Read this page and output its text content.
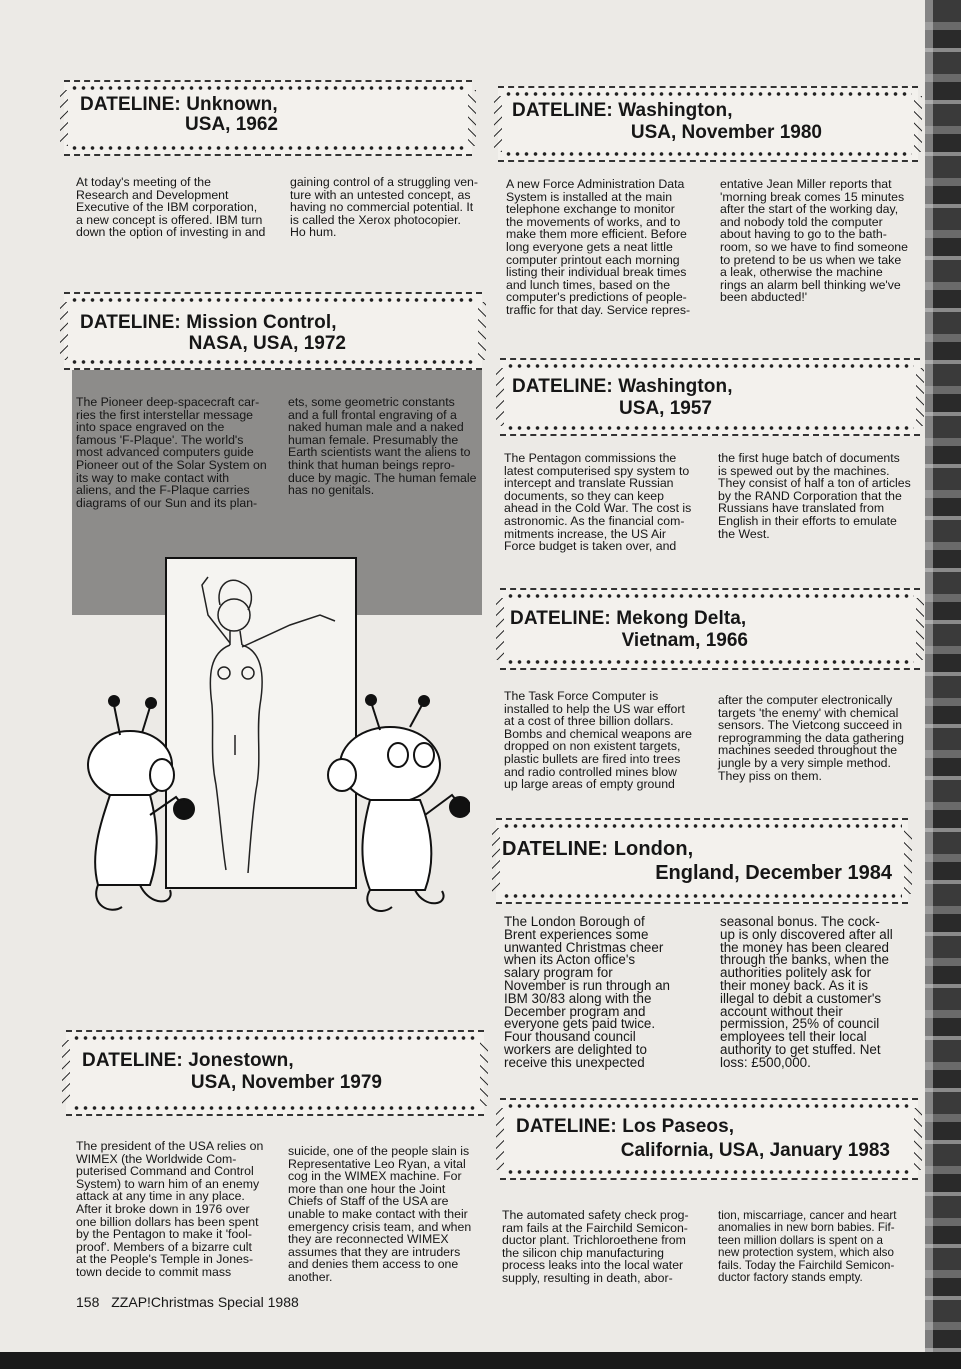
DATELINE: Unknown,
USA, 1962
At today's meeting of the
Research and Development
Executive of the IBM corporation,
a new concept is offered. IBM turn
down the option of investing in and
gaining control of a struggling ven-
ture with an untested concept, as
having no commercial potential. It
is called the Xerox photocopier.
Ho hum.
DATELINE: Washington,
USA, November 1980
A new Force Administration Data
System is installed at the main
telephone exchange to monitor
the movements of works, and to
make them more efficient. Before
long everyone gets a neat little
computer printout each morning
listing their individual break times
and lunch times, based on the
computer's predictions of people-
traffic for that day. Service repres-
entative Jean Miller reports that
'morning break comes 15 minutes
after the start of the working day,
and nobody told the computer
about having to go to the bath-
room, so we have to find someone
to pretend to be us when we take
a leak, otherwise the machine
rings an alarm bell thinking we've
been abducted!'
DATELINE: Mission Control,
NASA, USA, 1972
The Pioneer deep-spacecraft car-
ries the first interstellar message
into space engraved on the
famous 'F-Plaque'. The world's
most advanced computers guide
Pioneer out of the Solar System on
its way to make contact with
aliens, and the F-Plaque carries
diagrams of our Sun and its plan-
ets, some geometric constants
and a full frontal engraving of a
naked human male and a naked
human female. Presumably the
Earth scientists want the aliens to
think that human beings repro-
duce by magic. The human female
has no genitals.
DATELINE: Washington,
USA, 1957
The Pentagon commissions the
latest computerised spy system to
intercept and translate Russian
documents, so they can keep
ahead in the Cold War. The cost is
astronomic. As the financial com-
mitments increase, the US Air
Force budget is taken over, and
the first huge batch of documents
is spewed out by the machines.
They consist of half a ton of articles
by the RAND Corporation that the
Russians have translated from
English in their efforts to emulate
the West.
DATELINE: Mekong Delta,
Vietnam, 1966
The Task Force Computer is
installed to help the US war effort
at a cost of three billion dollars.
Bombs and chemical weapons are
dropped on non existent targets,
plastic bullets are fired into trees
and radio controlled mines blow
up large areas of empty ground
after the computer electronically
targets 'the enemy' with chemical
sensors. The Vietcong succeed in
reprogramming the data gathering
machines seeded throughout the
jungle by a very simple method.
They piss on them.
DATELINE: London,
England, December 1984
The London Borough of
Brent experiences some
unwanted Christmas cheer
when its Acton office's
salary program for
November is run through an
IBM 30/83 along with the
December program and
everyone gets paid twice.
Four thousand council
workers are delighted to
receive this unexpected
seasonal bonus. The cock-
up is only discovered after all
the money has been cleared
through the banks, when the
authorities politely ask for
their money back. As it is
illegal to debit a customer's
account without their
permission, 25% of council
employees tell their local
authority to get stuffed. Net
loss: £500,000.
DATELINE: Jonestown,
USA, November 1979
The president of the USA relies on
WIMEX (the Worldwide Com-
puterised Command and Control
System) to warn him of an enemy
attack at any time in any place.
After it broke down in 1976 over
one billion dollars has been spent
by the Pentagon to make it 'fool-
proof'. Members of a bizarre cult
at the People's Temple in Jones-
town decide to commit mass
suicide, one of the people slain is
Representative Leo Ryan, a vital
cog in the WIMEX machine. For
more than one hour the Joint
Chiefs of Staff of the USA are
unable to make contact with their
emergency crisis team, and when
they are reconnected WIMEX
assumes that they are intruders
and denies them access to one
another.
DATELINE: Los Paseos,
California, USA, January 1983
The automated safety check prog-
ram fails at the Fairchild Semicon-
ductor plant. Trichloroethene from
the silicon chip manufacturing
process leaks into the local water
supply, resulting in death, abor-
tion, miscarriage, cancer and heart
anomalies in new born babies. Fif-
teen million dollars is spent on a
new protection system, which also
fails. Today the Fairchild Semicon-
ductor factory stands empty.
158 ZZAP!Christmas Special 1988
